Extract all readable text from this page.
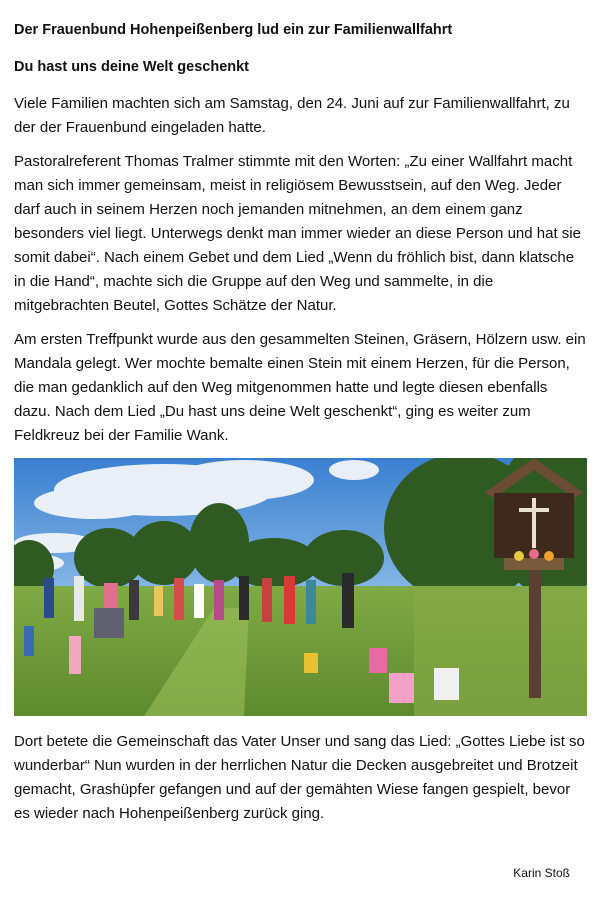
Der Frauenbund Hohenpeißenberg lud ein zur Familienwallfahrt
Du hast uns deine Welt geschenkt

Viele Familien machten sich am Samstag, den 24. Juni auf zur Familienwallfahrt, zu der der Frauenbund eingeladen hatte.

Pastoralreferent Thomas Tralmer stimmte mit den Worten: „Zu einer Wallfahrt macht man sich immer gemeinsam, meist in religiösem Bewusstsein, auf den Weg. Jeder darf auch in seinem Herzen noch jemanden mitnehmen, an dem einem ganz besonders viel liegt. Unterwegs denkt man immer wieder an diese Person und hat sie somit dabei“. Nach einem Gebet und dem Lied „Wenn du fröhlich bist, dann klatsche in die Hand“, machte sich die Gruppe auf den Weg und sammelte, in die mitgebrachten Beutel, Gottes Schätze der Natur.

Am ersten Treffpunkt wurde aus den gesammelten Steinen, Gräsern, Hölzern usw. ein Mandala gelegt. Wer mochte bemalte einen Stein mit einem Herzen, für die Person, die man gedanklich auf den Weg mitgenommen hatte und legte diesen ebenfalls dazu. Nach dem Lied „Du hast uns deine Welt geschenkt“, ging es weiter zum Feldkreuz bei der Familie Wank.

Dort betete die Gemeinschaft das Vater Unser und sang das Lied: „Gottes Liebe ist so wunderbar“ Nun wurden in der herrlichen Natur die Decken ausgebreitet und Brotzeit gemacht, Grashüpfer gefangen und auf der gemähten Wiese fangen gespielt, bevor es wieder nach Hohenpeißenberg zurück ging.

Karin Stoß
